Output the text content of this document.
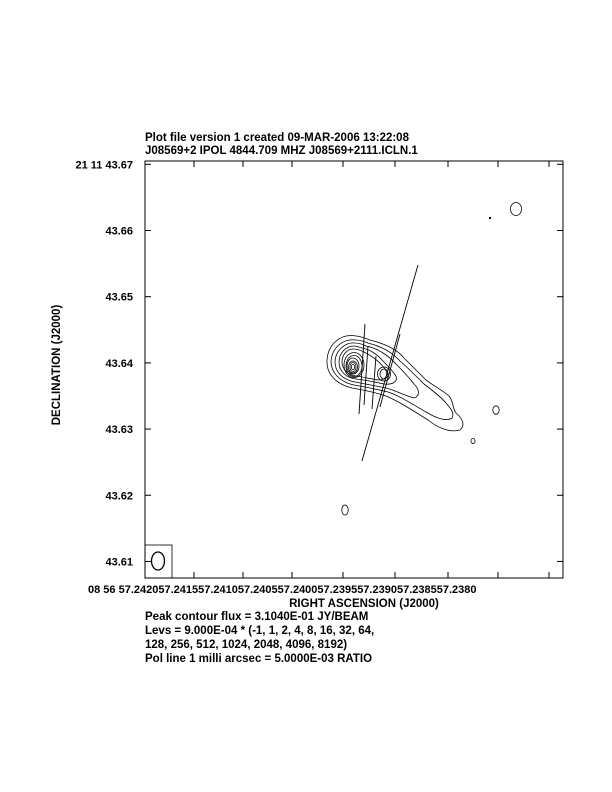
Plot file version 1 created 09-MAR-2006 13:22:08
J08569+2 IPOL 4844.709 MHZ J08569+2111.ICLN.1
08 56 57.242057.241557.241057.240557.240057.239557.239057.238557.2380
21 11 43.67
43.66
43.65
43.64
43.63
43.62
43.61
RIGHT ASCENSION (J2000)
DECLINATION (J2000)
Peak contour flux = 3.1040E-01 JY/BEAM
Levs = 9.000E-04 * (-1, 1, 2, 4, 8, 16, 32, 64,
128, 256, 512, 1024, 2048, 4096, 8192)
Pol line 1 milli arcsec = 5.0000E-03 RATIO
